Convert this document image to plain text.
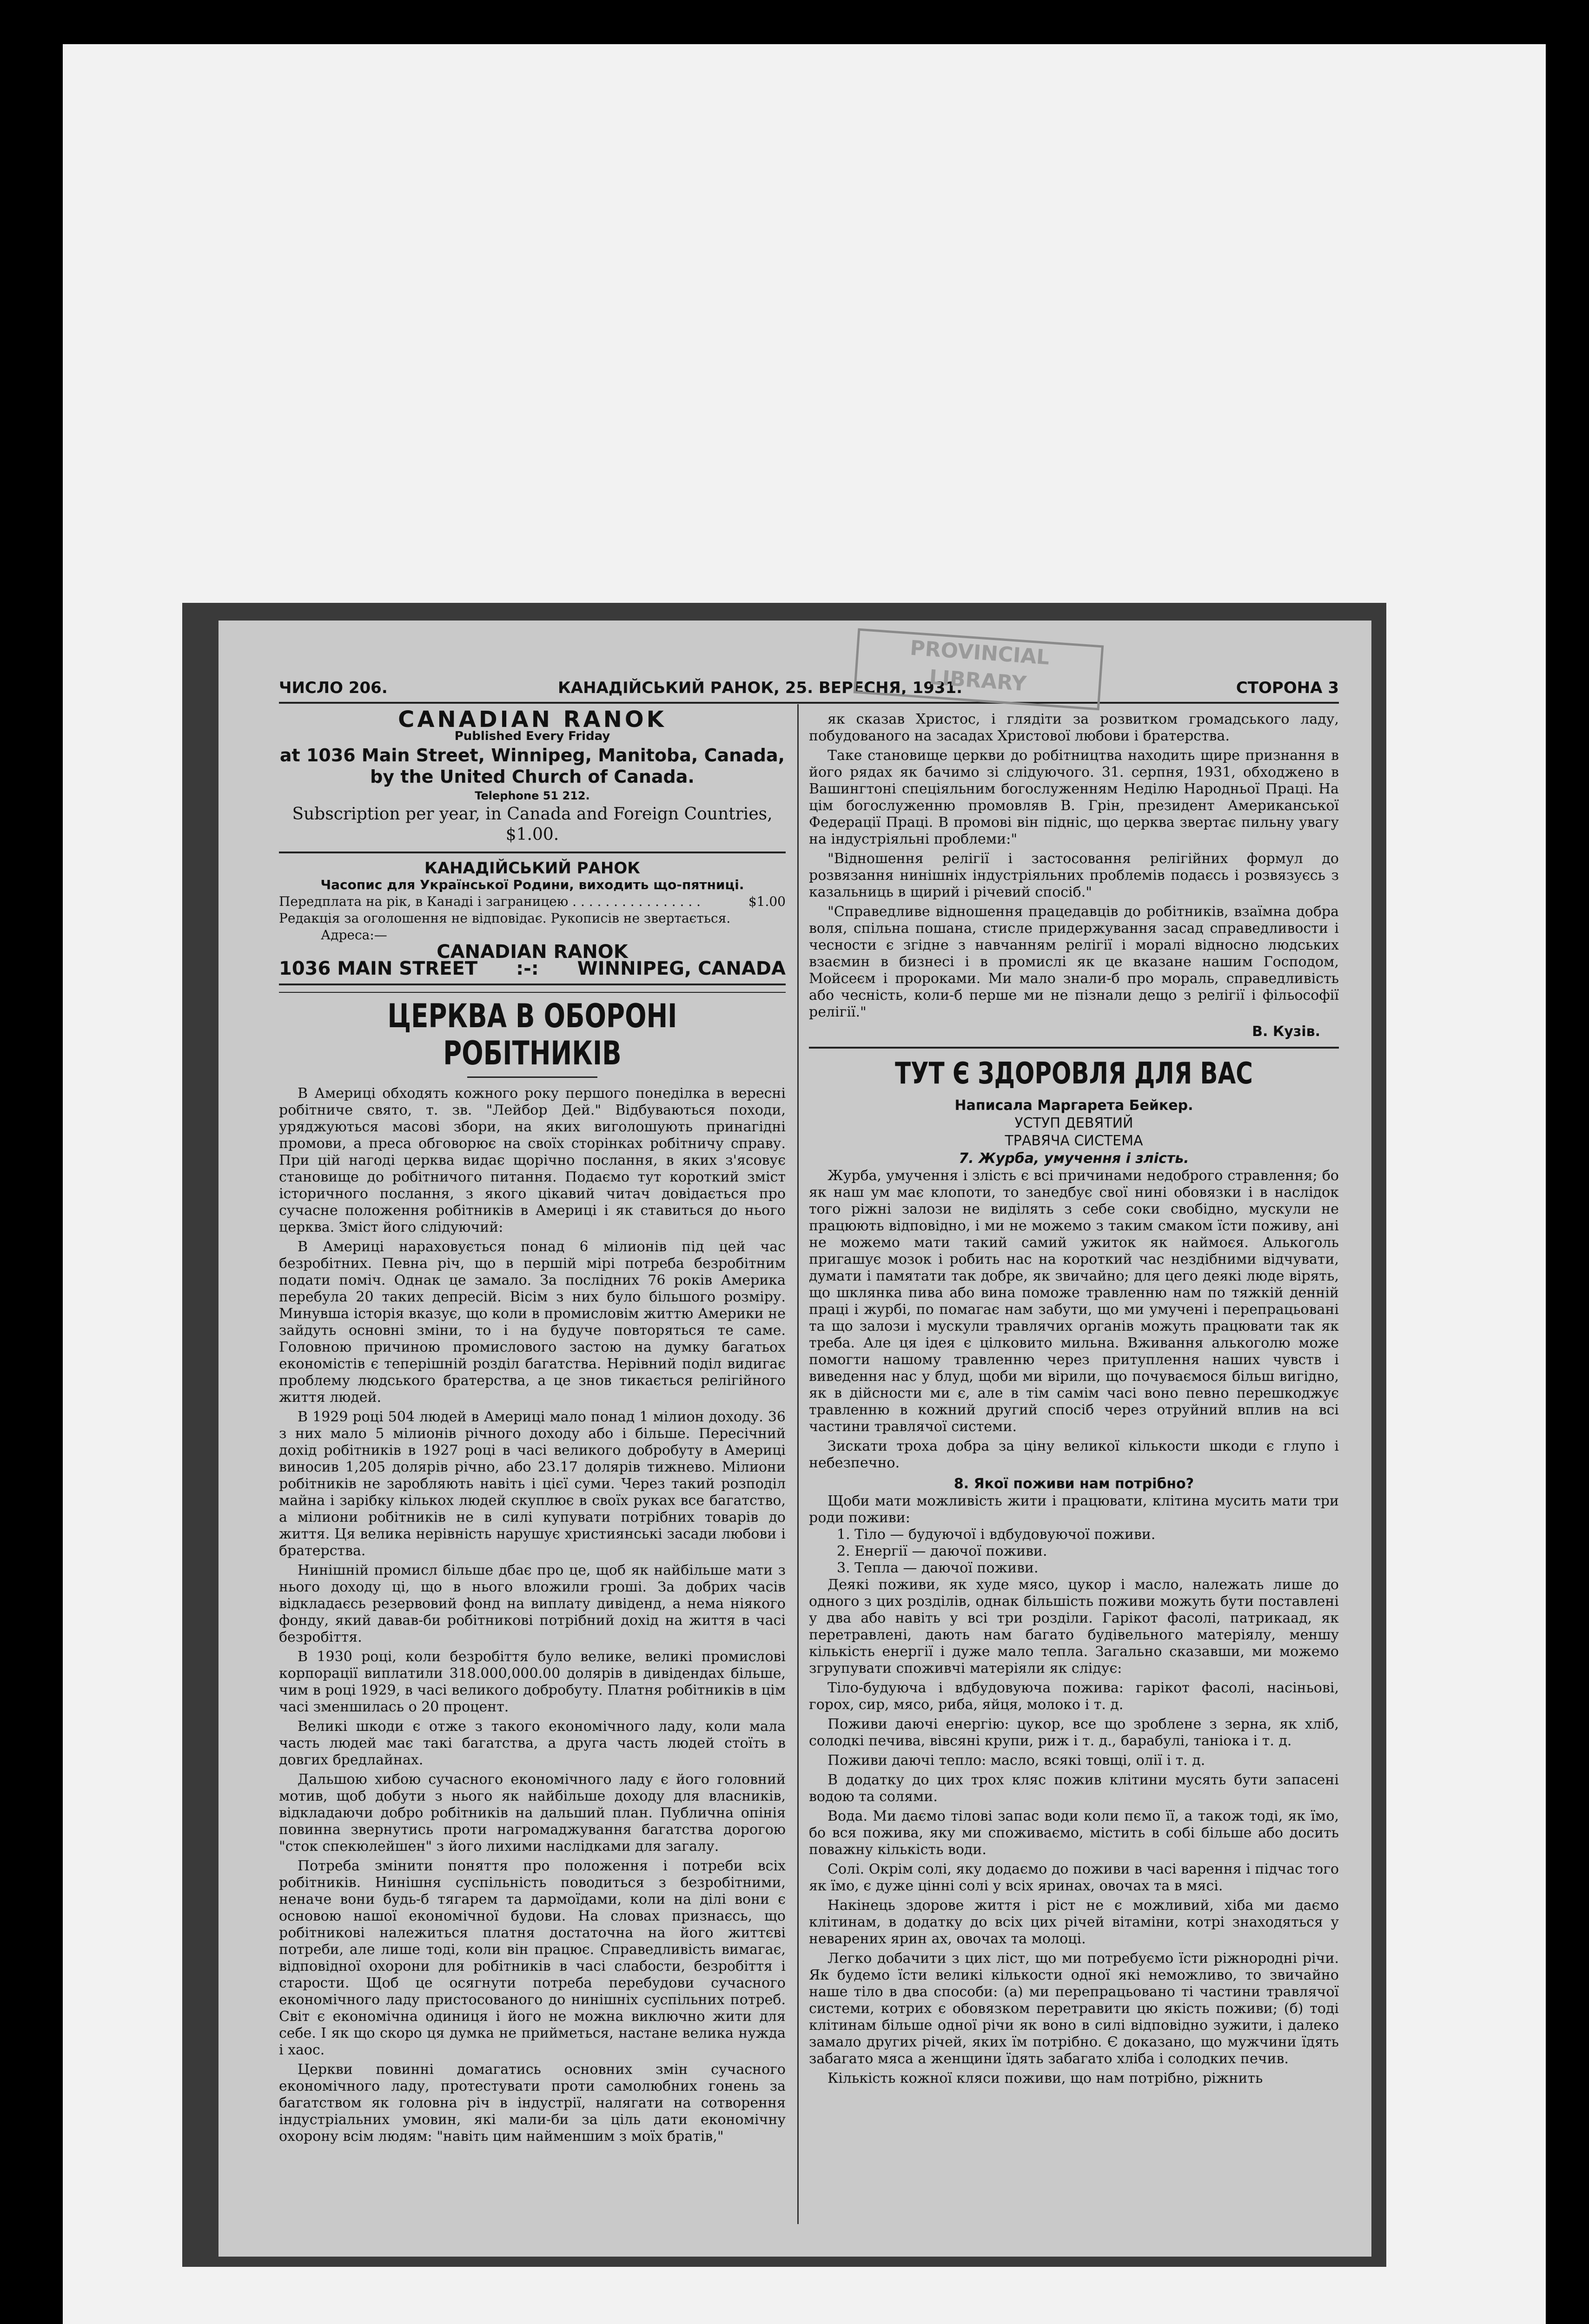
ЧИСЛО 206.	КАНАДІЙСЬКИЙ РАНОК, 25. ВЕРЕСНЯ, 1931.	СТОРОНА 3
PROVINCIAL
LIBRARY
CANADIAN RANOK
Published Every Friday
at 1036 Main Street, Winnipeg, Manitoba, Canada,
by the United Church of Canada.
Telephone 51 212.
Subscription per year, in Canada and Foreign Countries, $1.00.
КАНАДІЙСЬКИЙ РАНОК
Часопис для Української Родини, виходить що-пятниці.
Передплата на рік, в Канаді і заграницею . . . . . . . . . . . . . . . .	$1.00
Редакція за оголошення не відповідає. Рукописів не звертається.
Адреса:—
CANADIAN RANOK
1036 MAIN STREET :-: WINNIPEG, CANADA
ЦЕРКВА В ОБОРОНІ РОБІТНИКІВ

В Америці обходять кожного року першого понеділка в вересні робітниче свято, т. зв. "Лейбор Дей." Відбуваються походи, уряджуються масові збори, на яких виголошують принагідні промови, а преса обговорює на своїх сторінках робітничу справу. При цій нагоді церква видає щорічно послання, в яких з'ясовує становище до робітничого питання. Подаємо тут короткий зміст історичного послання, з якого цікавий читач довідається про сучасне положення робітників в Америці і як ставиться до нього церква. Зміст його слідуючий:

В Америці нараховується понад 6 мілионів під цей час безробітних. Певна річ, що в першій мірі потреба безробітним подати поміч. Однак це замало. За послідних 76 років Америка перебула 20 таких депресій. Вісім з них було більшого розміру. Минувша історія вказує, що коли в промисловім життю Америки не зайдуть основні зміни, то і на будуче повторяться те саме. Головною причиною промислового застою на думку багатьох економістів є теперішній розділ багатства. Нерівний поділ видигає проблему людського братерства, а це знов тикається релігійного життя людей.

В 1929 році 504 людей в Америці мало понад 1 мілион доходу. 36 з них мало 5 мілионів річного доходу або і більше. Пересічний дохід робітників в 1927 році в часі великого добробуту в Америці виносив 1,205 долярів річно, або 23.17 долярів тижнево. Мілиони робітників не заробляють навіть і цієї суми. Через такий розподіл майна і зарібку кількох людей скуплює в своїх руках все багатство, а мілиони робітників не в силі купувати потрібних товарів до життя. Ця велика нерівність нарушує християнські засади любови і братерства.

Нинішній промисл більше дбає про це, щоб як найбільше мати з нього доходу ці, що в нього вложили гроші. За добрих часів відкладаєсь резервовий фонд на виплату дивіденд, а нема ніякого фонду, який давав-би робітникові потрібний дохід на життя в часі безробіття.

В 1930 році, коли безробіття було велике, великі промислові корпорації виплатили 318.000,000.00 долярів в дивідендах більше, чим в році 1929, в часі великого добробуту. Платня робітників в цім часі зменшилась о 20 процент.

Великі шкоди є отже з такого економічного ладу, коли мала часть людей має такі багатства, а друга часть людей стоїть в довгих бредлайнах.

Дальшою хибою сучасного економічного ладу є його головний мотив, щоб добути з нього як найбільше доходу для власників, відкладаючи добро робітників на дальший план. Публична опінія повинна звернутись проти нагромаджування багатства дорогою "сток спекюлейшен" з його лихими наслідками для загалу.

Потреба змінити поняття про положення і потреби всіх робітників. Нинішня суспільність поводиться з безробітними, неначе вони будь-б тягарем та дармоїдами, коли на ділі вони є основою нашої економічної будови. На словах признаєсь, що робітникові належиться платня достаточна на його життєві потреби, але лише тоді, коли він працює. Справедливість вимагає, відповідної охорони для робітників в часі слабости, безробіття і старости. Щоб це осягнути потреба перебудови сучасного економічного ладу пристосованого до нинішніх суспільних потреб. Світ є економічна одиниця і його не можна виключно жити для себе. І як що скоро ця думка не прийметься, настане велика нужда і хаос.

Церкви повинні домагатись основних змін сучасного економічного ладу, протестувати проти самолюбних гонень за багатством як головна річ в індустрії, налягати на сотворення індустріальних умовин, які мали-би за ціль дати економічну охорону всім людям: "навіть цим найменшим з моїх братів,"

як сказав Христос, і глядіти за розвитком громадського ладу, побудованого на засадах Христової любови і братерства.

Таке становище церкви до робітництва находить щире признання в його рядах як бачимо зі слідуючого. 31. серпня, 1931, обходжено в Вашингтоні спеціяльним богослуженням Неділю Народньої Праці. На цім богослуженню промовляв В. Грін, президент Американської Федерації Праці. В промові він підніс, що церква звертає пильну увагу на індустріяльні проблеми:"

"Відношення релігії і застосовання релігійних формул до розвязання нинішніх індустріяльних проблемів подаєсь і розвязуєсь з казальниць в щирий і річевий спосіб."

"Справедливе відношення працедавців до робітників, взаїмна добра воля, спільна пошана, стисле придержування засад справедливости і чесности є згідне з навчанням релігії і моралі відносно людських взаємин в бизнесі і в промислі як це вказане нашим Господом, Мойсеєм і пророками. Ми мало знали-б про мораль, справедливість або чесність, коли-б перше ми не пізнали дещо з релігії і фільософії релігії."

В. Кузів.
ТУТ Є ЗДОРОВЛЯ ДЛЯ ВАС
Написала Маргарета Бейкер.
УСТУП ДЕВЯТИЙ
ТРАВЯЧА СИСТЕМА
7. Журба, умучення і злість.

Журба, умучення і злість є всі причинами недоброго стравлення; бо як наш ум має клопоти, то занедбує свої нині обовязки і в наслідок того ріжні залози не виділять з себе соки свобідно, мускули не працюють відповідно, і ми не можемо з таким смаком їсти поживу, ані не можемо мати такий самий ужиток як наймоєя. Алькоголь пригашує мозок і робить нас на короткий час нездібними відчувати, думати і памятати так добре, як звичайно; для цего деякі люде вірять, що шклянка пива або вина поможе травленню нам по тяжкій денній праці і журбі, по помагає нам забути, що ми умучені і перепрацьовані та що залози і мускули травлячих органів можуть працювати так як треба. Але ця ідея є цілковито мильна. Вживання алькоголю може помогти нашому травленню через притуплення наших чувств і виведення нас у блуд, щоби ми вірили, що почуваємося більш вигідно, як в дійсности ми є, але в тім самім часі воно певно перешкоджує травленню в кожний другий спосіб через отруйний вплив на всі частини травлячої системи.

Зискати троха добра за ціну великої кількости шкоди є глупо і небезпечно.

8. Якої поживи нам потрібно?

Щоби мати можливість жити і працювати, клітина мусить мати три роди поживи:

1. Тіло — будуючої і вдбудовуючої поживи.
2. Енергії — даючої поживи.
3. Тепла — даючої поживи.

Деякі поживи, як худе мясо, цукор і масло, належать лише до одного з цих розділів, однак більшість поживи можуть бути поставлені у два або навіть у всі три розділи. Гарікот фасолі, патрикаад, як перетравлені, дають нам багато будівельного матеріялу, меншу кількість енергії і дуже мало тепла. Загально сказавши, ми можемо згрупувати споживчі матеріяли як слідує:

Тіло-будуюча і вдбудовуюча пожива: гарікот фасолі, насіньові, горох, сир, мясо, риба, яйця, молоко і т. д.

Поживи даючі енергію: цукор, все що зроблене з зерна, як хліб, солодкі печива, вівсяні крупи, риж і т. д., барабулі, таніока і т. д.

Поживи даючі тепло: масло, всякі товщі, олії і т. д.

В додатку до цих трох кляс пожив клітини мусять бути запасені водою та солями.

Вода. Ми даємо тілові запас води коли пємо її, а також тоді, як їмо, бо вся пожива, яку ми споживаємо, містить в собі більше або досить поважну кількість води.

Солі. Окрім солі, яку додаємо до поживи в часі варення і підчас того як їмо, є дуже цінні солі у всіх яринах, овочах та в мясі.

Накінець здорове життя і ріст не є можливий, хіба ми даємо клітинам, в додатку до всіх цих річей вітаміни, котрі знаходяться у неварених ярин ах, овочах та молоці.

Легко добачити з цих ліст, що ми потребуємо їсти ріжнородні річи. Як будемо їсти великі кількости одної які неможливо, то звичайно наше тіло в два способи: (а) ми перепрацьовано ті частини травлячої системи, котрих є обовязком перетравити цю якість поживи; (б) тоді клітинам більше одної річи як воно в силі відповідно зужити, і далеко замало других річей, яких їм потрібно. Є доказано, що мужчини їдять забагато мяса а женщини їдять забагато хліба і солодких печив.

Кількість кожної кляси поживи, що нам потрібно, ріжнить
